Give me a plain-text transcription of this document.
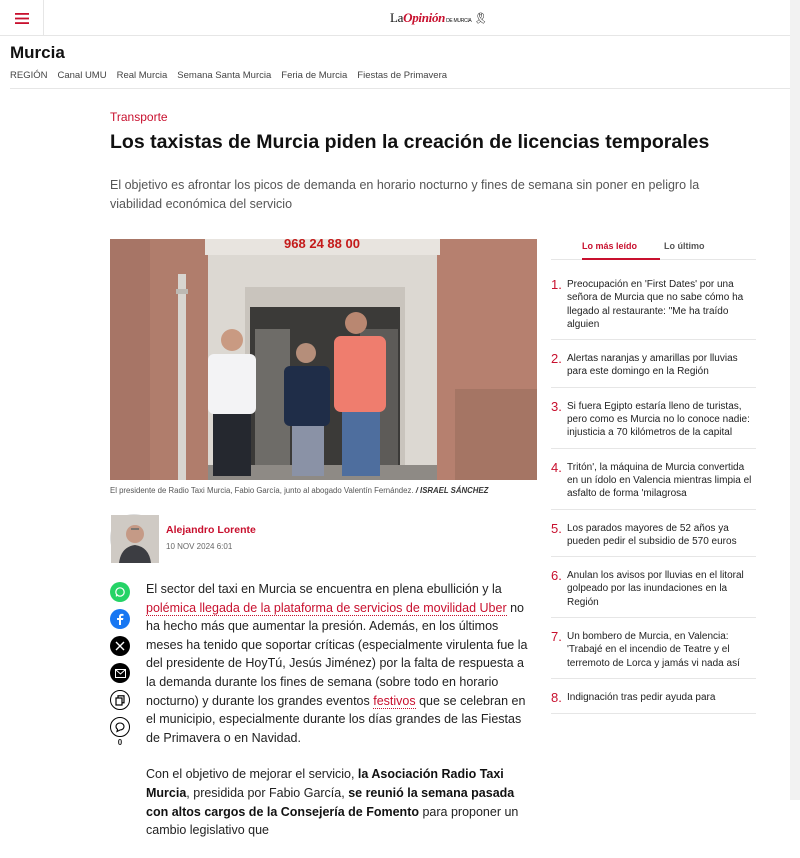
La Opinión DE MURCIA 🎗︎
Murcia
REGIÓN Canal UMU Real Murcia Semana Santa Murcia Feria de Murcia Fiestas de Primavera
Transporte
Los taxistas de Murcia piden la creación de licencias temporales
El objetivo es afrontar los picos de demanda en horario nocturno y fines de semana sin poner en peligro la viabilidad económica del servicio
968 24 88 00
El presidente de Radio Taxi Murcia, Fabio García, junto al abogado Valentín Fernández. / ISRAEL SÁNCHEZ
Alejandro Lorente
10 NOV 2024 6:01
0

El sector del taxi en Murcia se encuentra en plena ebullición y la polémica llegada de la plataforma de servicios de movilidad Uber no ha hecho más que aumentar la presión. Además, en los últimos meses ha tenido que soportar críticas (especialmente virulenta fue la del presidente de HoyTú, Jesús Jiménez) por la falta de respuesta a la demanda durante los fines de semana (sobre todo en horario nocturno) y durante los grandes eventos festivos que se celebran en el municipio, especialmente durante los días grandes de las Fiestas de Primavera o en Navidad.

Con el objetivo de mejorar el servicio, la Asociación Radio Taxi Murcia, presidida por Fabio García, se reunió la semana pasada con altos cargos de la Consejería de Fomento para proponer un cambio legislativo que

Lo más leído	Lo último
1. Preocupación en 'First Dates' por una señora de Murcia que no sabe cómo ha llegado al restaurante: "Me ha traído alguien
2. Alertas naranjas y amarillas por lluvias para este domingo en la Región
3. Si fuera Egipto estaría lleno de turistas, pero como es Murcia no lo conoce nadie: injusticia a 70 kilómetros de la capital
4. Tritón', la máquina de Murcia convertida en un ídolo en Valencia mientras limpia el asfalto de forma 'milagrosa
5. Los parados mayores de 52 años ya pueden pedir el subsidio de 570 euros
6. Anulan los avisos por lluvias en el litoral golpeado por las inundaciones en la Región
7. Un bombero de Murcia, en Valencia: 'Trabajé en el incendio de Teatre y el terremoto de Lorca y jamás vi nada así
8. Indignación tras pedir ayuda para
